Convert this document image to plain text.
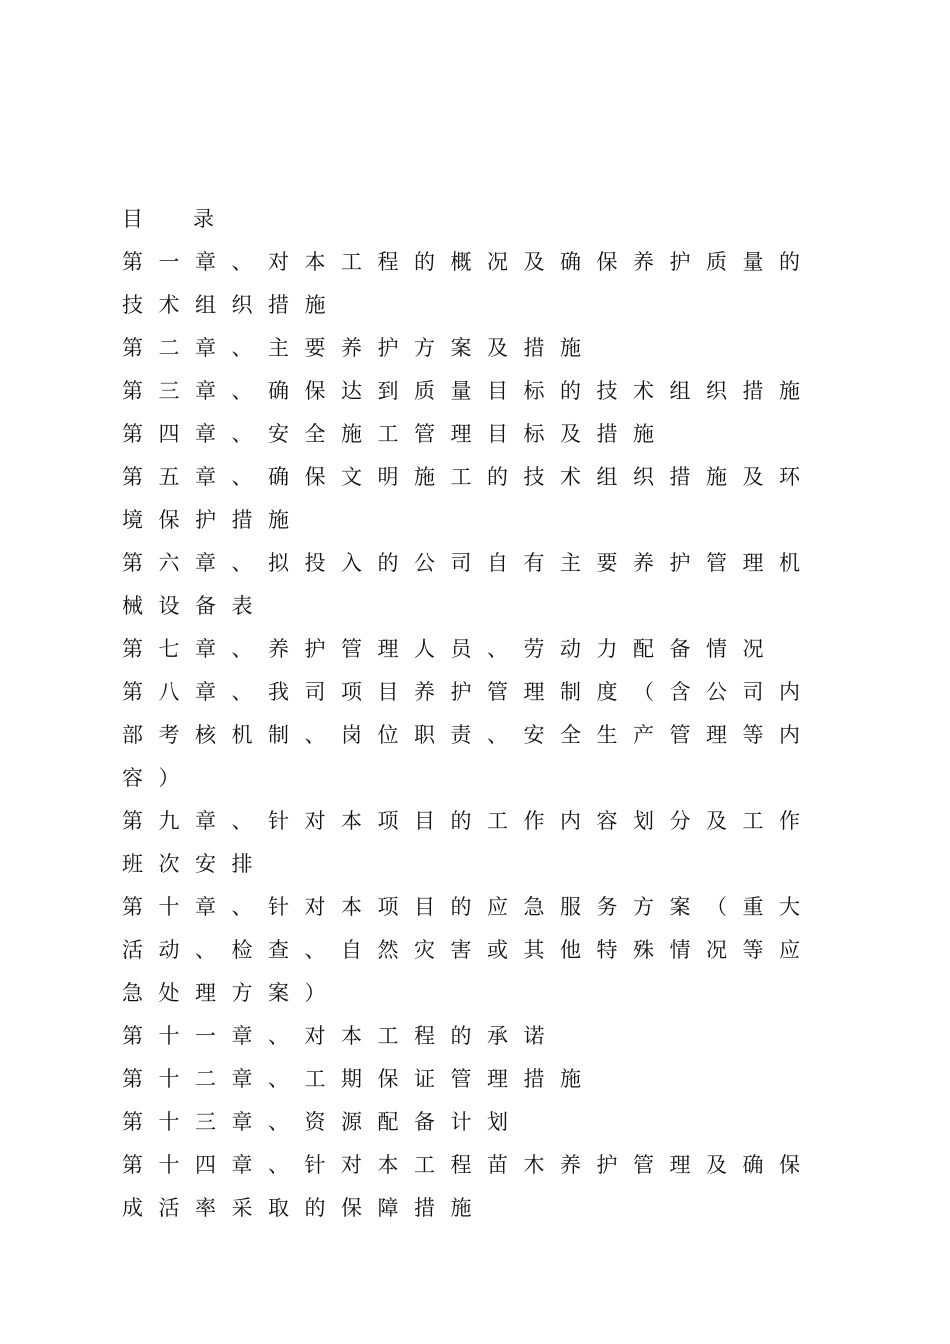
目录
第一章、对本工程的概况及确保养护质量的技术组织措施
第二章、主要养护方案及措施
第三章、确保达到质量目标的技术组织措施
第四章、安全施工管理目标及措施
第五章、确保文明施工的技术组织措施及环境保护措施
第六章、拟投入的公司自有主要养护管理机械设备表
第七章、养护管理人员、劳动力配备情况
第八章、我司项目养护管理制度（含公司内部考核机制、岗位职责、安全生产管理等内容）
第九章、针对本项目的工作内容划分及工作班次安排
第十章、针对本项目的应急服务方案（重大活动、检查、自然灾害或其他特殊情况等应急处理方案）
第十一章、对本工程的承诺
第十二章、工期保证管理措施
第十三章、资源配备计划
第十四章、针对本工程苗木养护管理及确保成活率采取的保障措施
